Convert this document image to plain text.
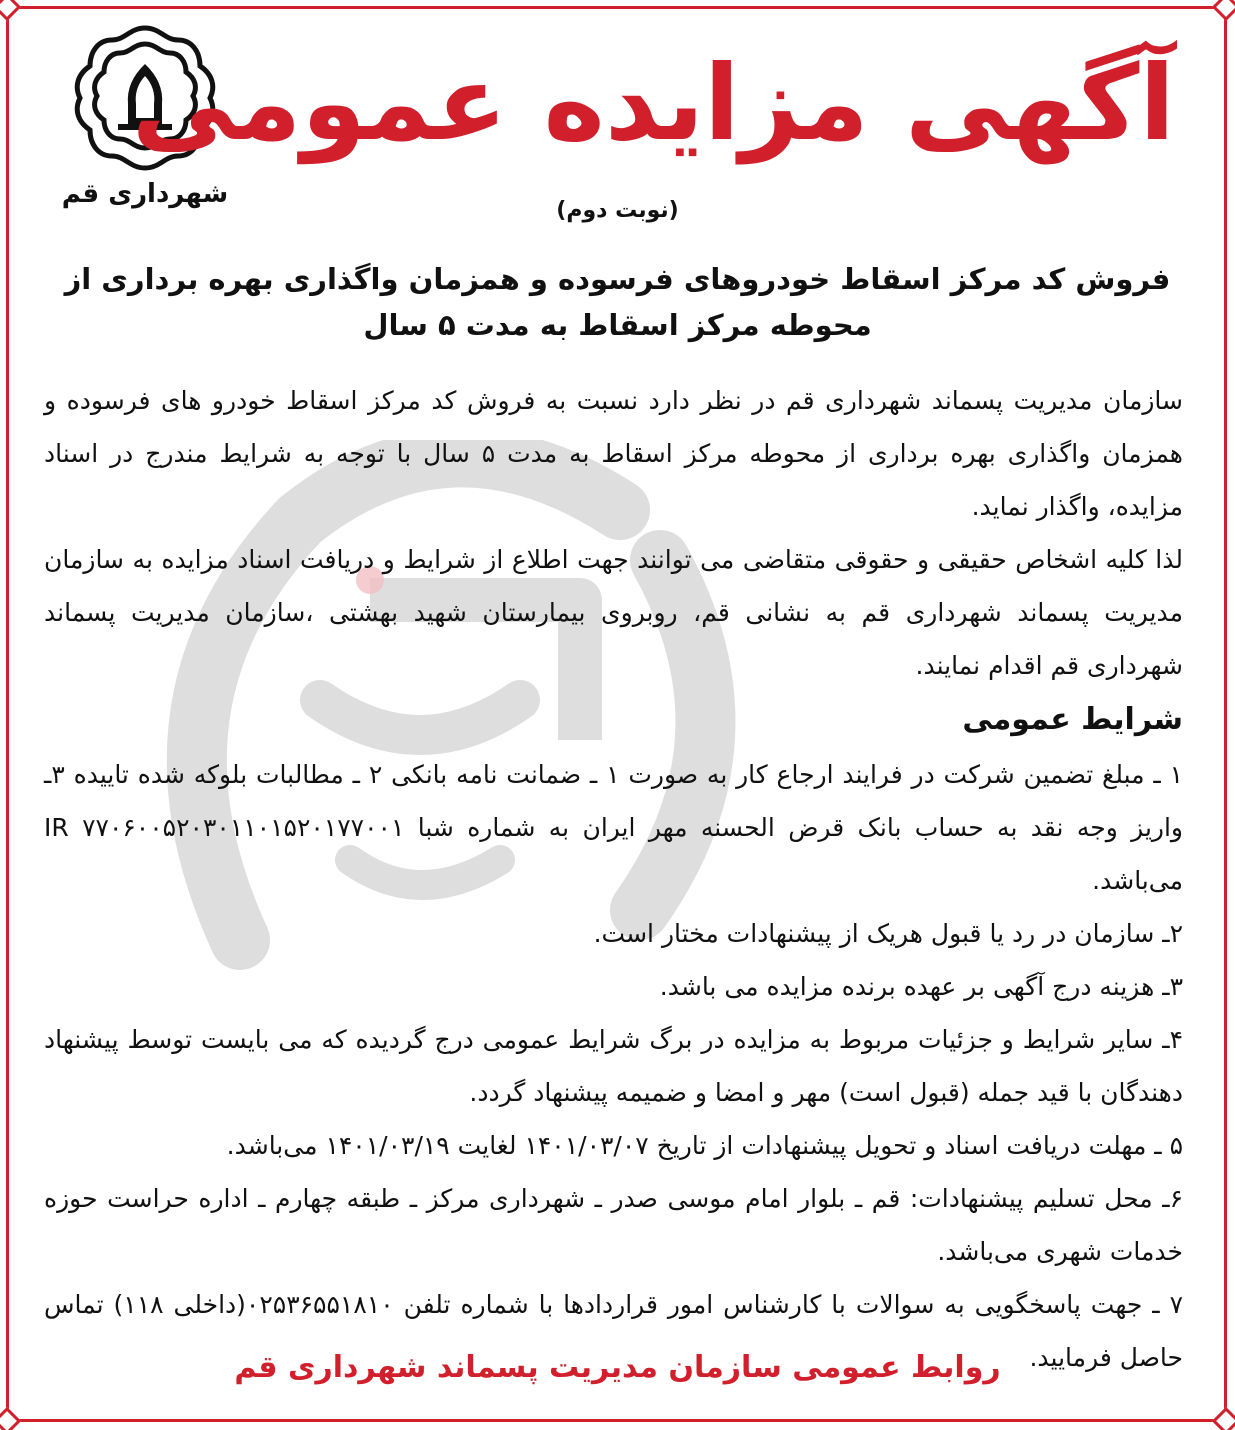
شهرداری قم
آگهی مزایده عمومی
(نوبت دوم)
فروش کد مرکز اسقاط خودروهای فرسوده و همزمان واگذاری بهره برداری از
محوطه مرکز اسقاط به مدت ۵ سال

سازمان مدیریت پسماند شهرداری قم در نظر دارد نسبت به فروش کد مرکز اسقاط خودرو های فرسوده و همزمان واگذاری بهره برداری از محوطه مرکز اسقاط به مدت ۵ سال با توجه به شرایط مندرج در اسناد مزایده، واگذار نماید.

لذا کلیه اشخاص حقیقی و حقوقی متقاضی می توانند جهت اطلاع از شرایط و دریافت اسناد مزایده به سازمان مدیریت پسماند شهرداری قم به نشانی قم، روبروی بیمارستان شهید بهشتی ،سازمان مدیریت پسماند شهرداری قم اقدام نمایند.

شرایط عمومی

۱ ـ مبلغ تضمین شرکت در فرایند ارجاع کار به صورت ۱ ـ ضمانت نامه بانکی ۲ ـ مطالبات بلوکه شده تاییده ۳ـ واریز وجه نقد به حساب بانک قرض الحسنه مهر ایران به شماره شبا IR ۷۷۰۶۰۰۵۲۰۳۰۱۱۰۱۵۲۰۱۷۷۰۰۱ می‌باشد.

۲ـ سازمان در رد یا قبول هریک از پیشنهادات مختار است.

۳ـ هزینه درج آگهی بر عهده برنده مزایده می باشد.

۴ـ سایر شرایط و جزئیات مربوط به مزایده در برگ شرایط عمومی درج گردیده که می بایست توسط پیشنهاد دهندگان با قید جمله (قبول است) مهر و امضا و ضمیمه پیشنهاد گردد.

۵ ـ مهلت دریافت اسناد و تحویل پیشنهادات از تاریخ ۱۴۰۱/۰۳/۰۷ لغایت ۱۴۰۱/۰۳/۱۹ می‌باشد.

۶ـ محل تسلیم پیشنهادات: قم ـ بلوار امام موسی صدر ـ شهرداری مرکز ـ طبقه چهارم ـ اداره حراست حوزه خدمات شهری می‌باشد.

۷ ـ جهت پاسخگویی به سوالات با کارشناس امور قراردادها با شماره تلفن ۰۲۵۳۶۵۵۱۸۱۰(داخلی ۱۱۸) تماس حاصل فرمایید.

روابط عمومی سازمان مدیریت پسماند شهرداری قم
